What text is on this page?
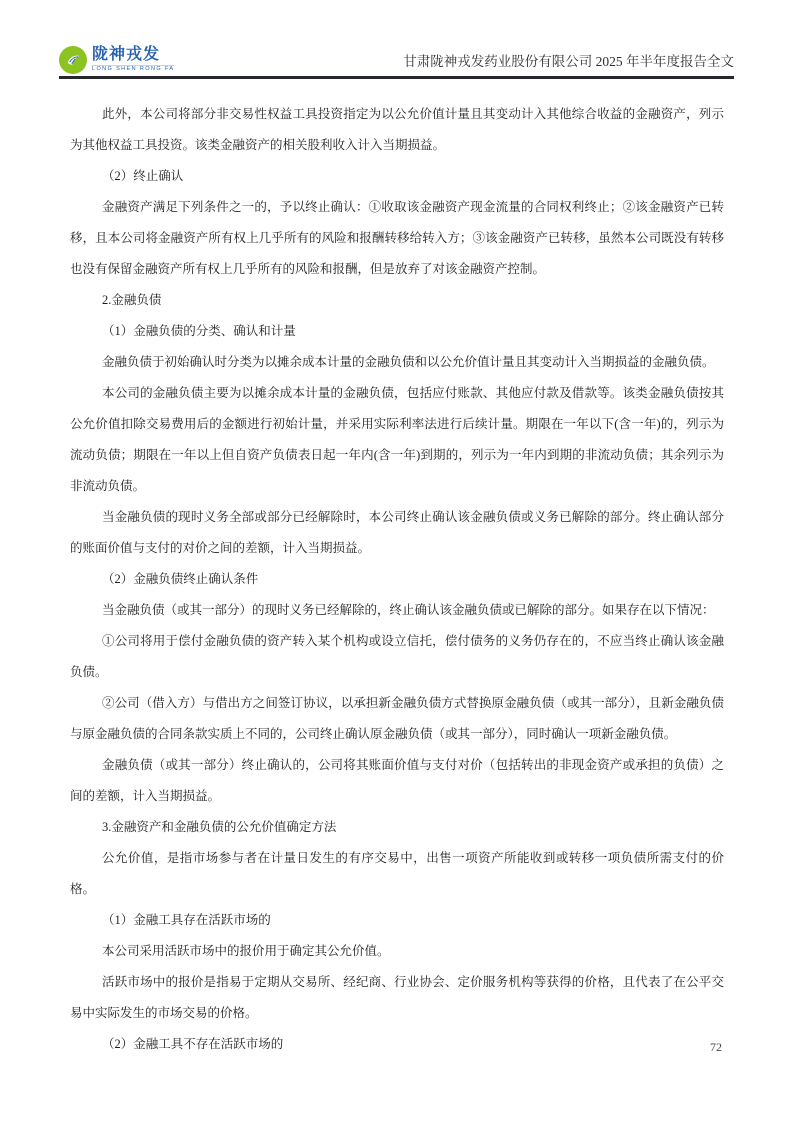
陇神戎发
LONG SHEN RONG FA
甘肃陇神戎发药业股份有限公司 2025 年半年度报告全文

此外，本公司将部分非交易性权益工具投资指定为以公允价值计量且其变动计入其他综合收益的金融资产，列示为其他权益工具投资。该类金融资产的相关股利收入计入当期损益。

（2）终止确认

金融资产满足下列条件之一的，予以终止确认：①收取该金融资产现金流量的合同权利终止；②该金融资产已转移，且本公司将金融资产所有权上几乎所有的风险和报酬转移给转入方；③该金融资产已转移，虽然本公司既没有转移也没有保留金融资产所有权上几乎所有的风险和报酬，但是放弃了对该金融资产控制。

2.金融负债

（1）金融负债的分类、确认和计量

金融负债于初始确认时分类为以摊余成本计量的金融负债和以公允价值计量且其变动计入当期损益的金融负债。

本公司的金融负债主要为以摊余成本计量的金融负债，包括应付账款、其他应付款及借款等。该类金融负债按其公允价值扣除交易费用后的金额进行初始计量，并采用实际利率法进行后续计量。期限在一年以下(含一年)的，列示为流动负债；期限在一年以上但自资产负债表日起一年内(含一年)到期的，列示为一年内到期的非流动负债；其余列示为非流动负债。

当金融负债的现时义务全部或部分已经解除时，本公司终止确认该金融负债或义务已解除的部分。终止确认部分的账面价值与支付的对价之间的差额，计入当期损益。

（2）金融负债终止确认条件

当金融负债（或其一部分）的现时义务已经解除的，终止确认该金融负债或已解除的部分。如果存在以下情况：

①公司将用于偿付金融负债的资产转入某个机构或设立信托，偿付债务的义务仍存在的，不应当终止确认该金融负债。

②公司（借入方）与借出方之间签订协议，以承担新金融负债方式替换原金融负债（或其一部分），且新金融负债与原金融负债的合同条款实质上不同的，公司终止确认原金融负债（或其一部分），同时确认一项新金融负债。

金融负债（或其一部分）终止确认的，公司将其账面价值与支付对价（包括转出的非现金资产或承担的负债）之间的差额，计入当期损益。

3.金融资产和金融负债的公允价值确定方法

公允价值，是指市场参与者在计量日发生的有序交易中，出售一项资产所能收到或转移一项负债所需支付的价格。

（1）金融工具存在活跃市场的

本公司采用活跃市场中的报价用于确定其公允价值。

活跃市场中的报价是指易于定期从交易所、经纪商、行业协会、定价服务机构等获得的价格，且代表了在公平交易中实际发生的市场交易的价格。

（2）金融工具不存在活跃市场的	72
